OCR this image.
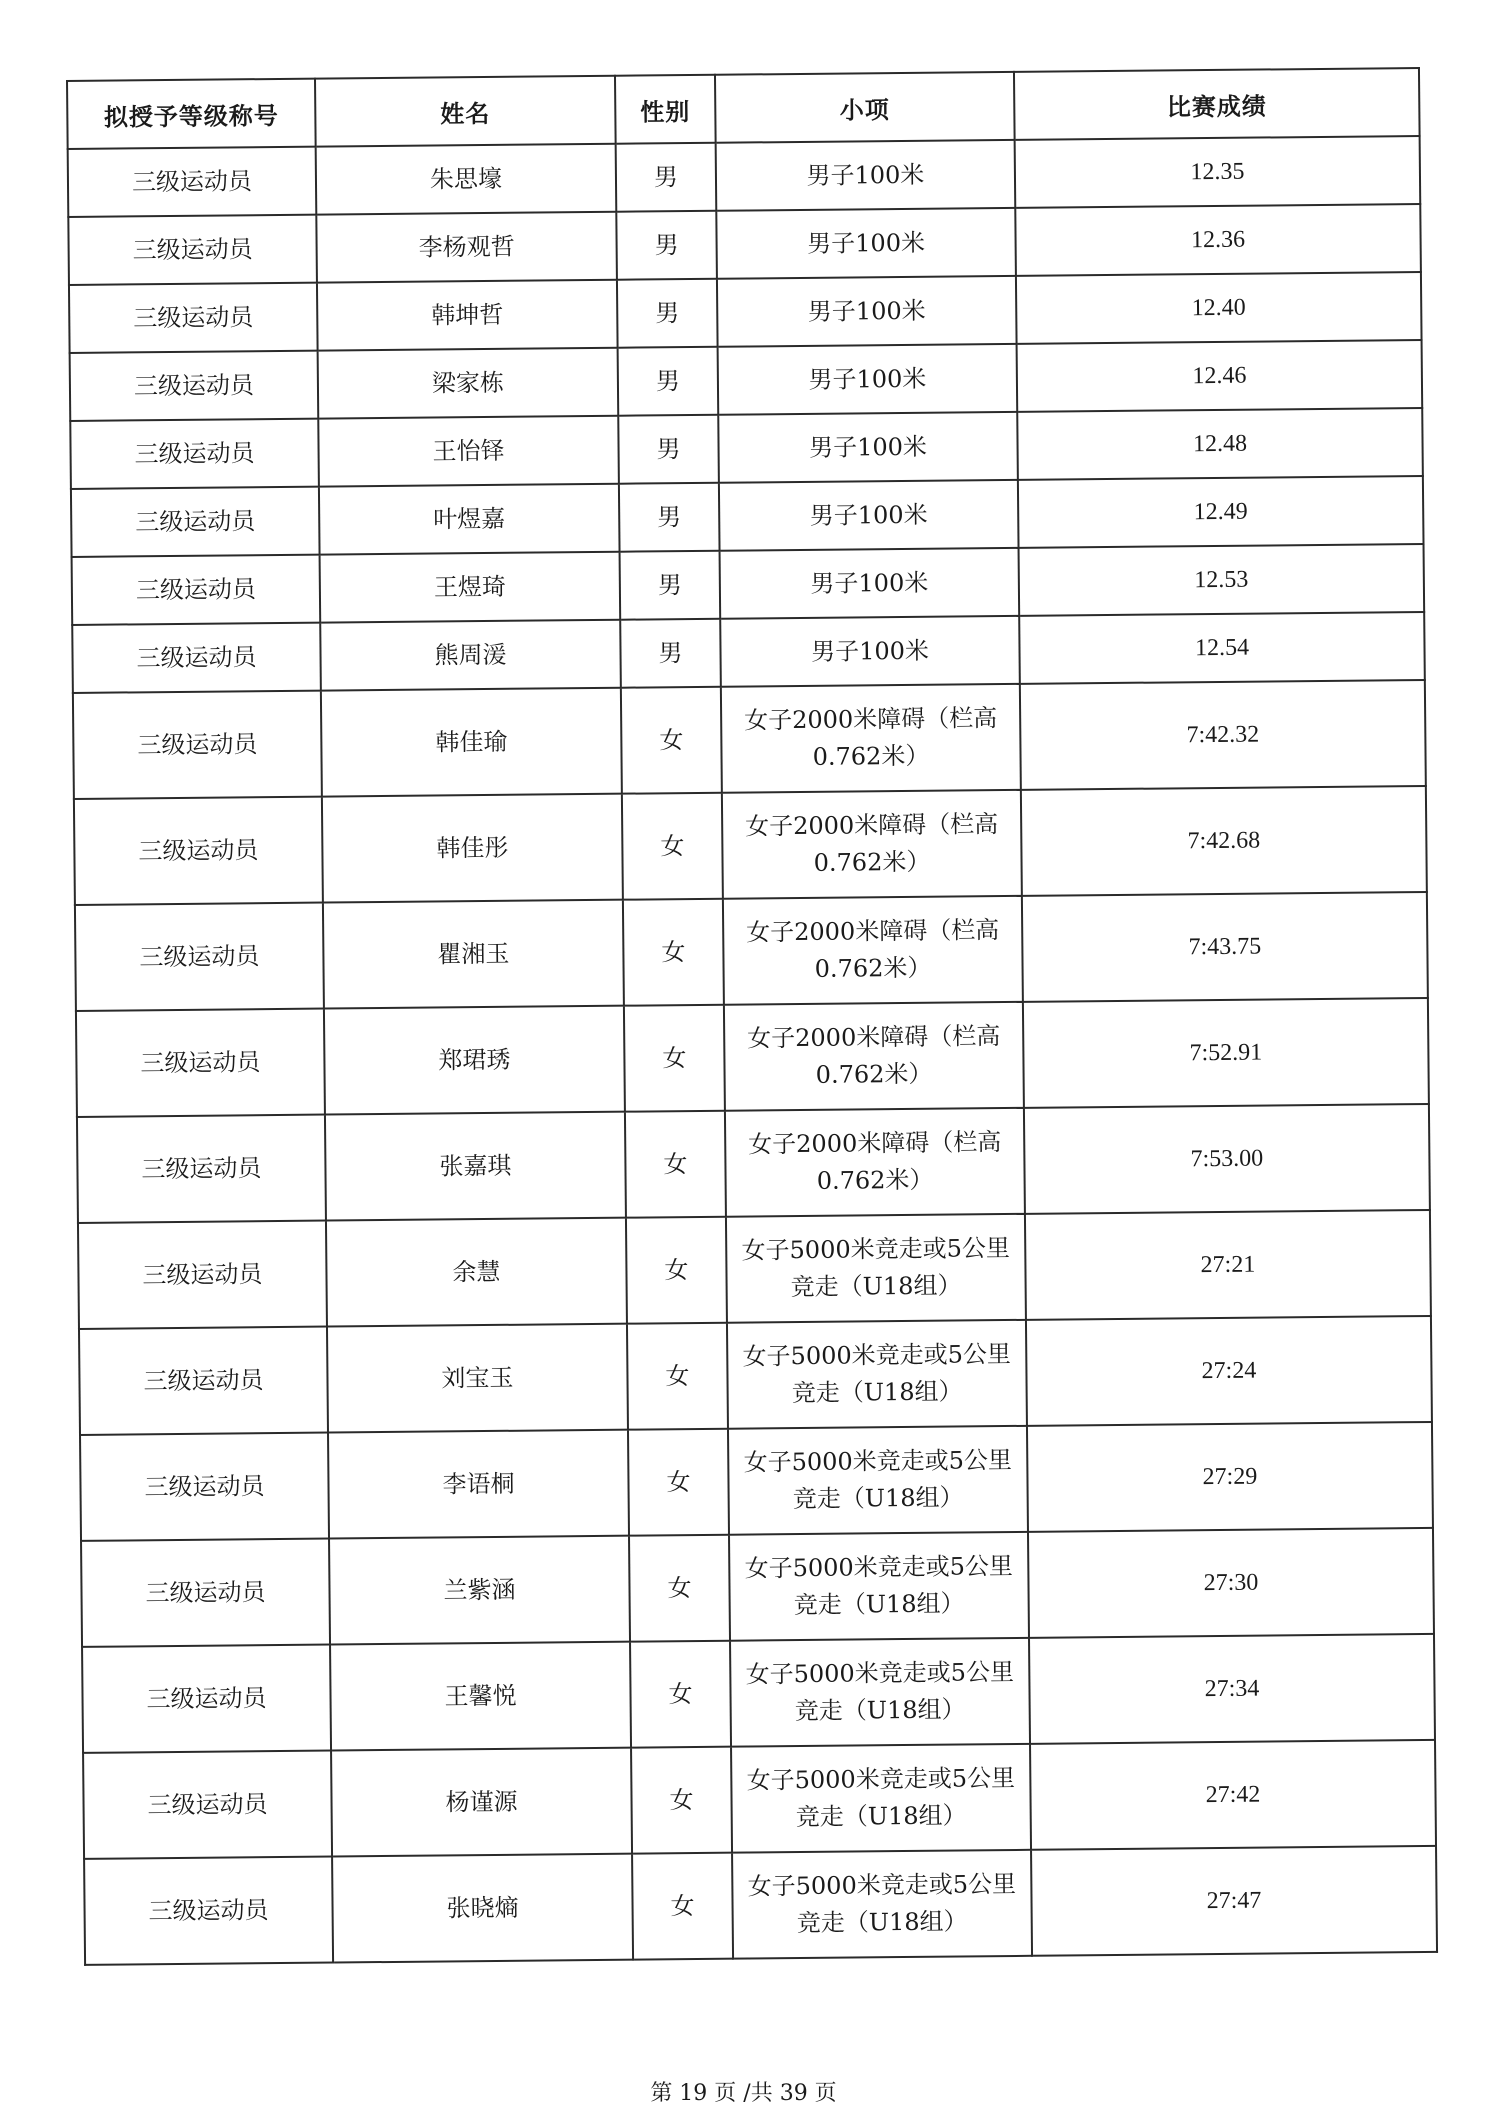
拟授予等级称号	姓名	性别	小项	比赛成绩
三级运动员	朱思壕	男	男子100米	12.35
三级运动员	李杨观哲	男	男子100米	12.36
三级运动员	韩坤哲	男	男子100米	12.40
三级运动员	梁家栋	男	男子100米	12.46
三级运动员	王怡铎	男	男子100米	12.48
三级运动员	叶煜嘉	男	男子100米	12.49
三级运动员	王煜琦	男	男子100米	12.53
三级运动员	熊周湲	男	男子100米	12.54
三级运动员	韩佳瑜	女	女子2000米障碍（栏高0.762米）	7:42.32
三级运动员	韩佳彤	女	女子2000米障碍（栏高0.762米）	7:42.68
三级运动员	瞿湘玉	女	女子2000米障碍（栏高0.762米）	7:43.75
三级运动员	郑珺琇	女	女子2000米障碍（栏高0.762米）	7:52.91
三级运动员	张嘉琪	女	女子2000米障碍（栏高0.762米）	7:53.00
三级运动员	余慧	女	女子5000米竞走或5公里竞走（U18组）	27:21
三级运动员	刘宝玉	女	女子5000米竞走或5公里竞走（U18组）	27:24
三级运动员	李语桐	女	女子5000米竞走或5公里竞走（U18组）	27:29
三级运动员	兰紫涵	女	女子5000米竞走或5公里竞走（U18组）	27:30
三级运动员	王馨悦	女	女子5000米竞走或5公里竞走（U18组）	27:34
三级运动员	杨谨源	女	女子5000米竞走或5公里竞走（U18组）	27:42
三级运动员	张晓熵	女	女子5000米竞走或5公里竞走（U18组）	27:47
第 19 页 /共 39 页
